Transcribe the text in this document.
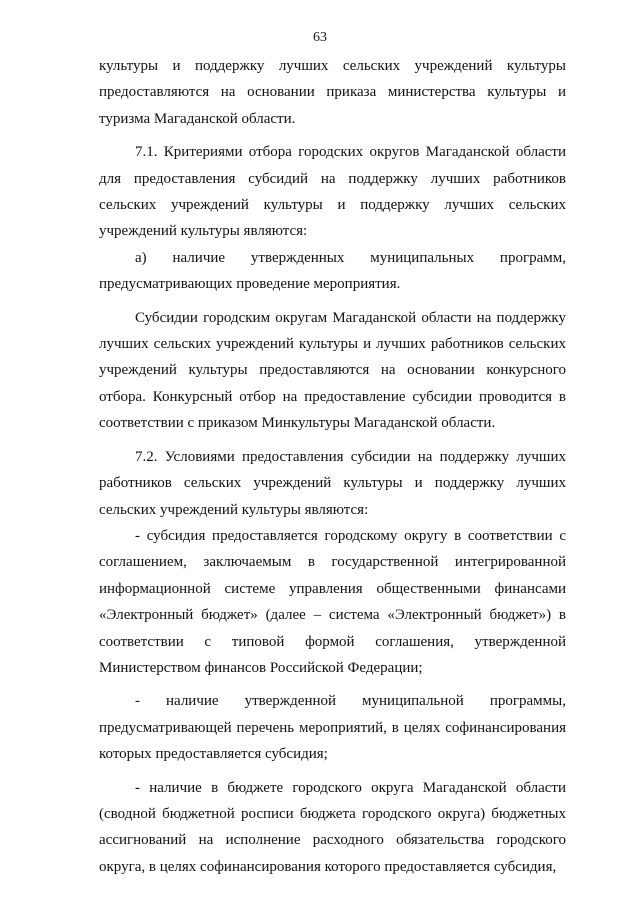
63

культуры и поддержку лучших сельских учреждений культуры предоставляются на основании приказа министерства культуры и туризма Магаданской области.

7.1. Критериями отбора городских округов Магаданской области для предоставления субсидий на поддержку лучших работников сельских учреждений культуры и поддержку лучших сельских учреждений культуры являются:

а) наличие утвержденных муниципальных программ, предусматривающих проведение мероприятия.

Субсидии городским округам Магаданской области на поддержку лучших сельских учреждений культуры и лучших работников сельских учреждений культуры предоставляются на основании конкурсного отбора. Конкурсный отбор на предоставление субсидии проводится в соответствии с приказом Минкультуры Магаданской области.

7.2. Условиями предоставления субсидии на поддержку лучших работников сельских учреждений культуры и поддержку лучших сельских учреждений культуры являются:

- субсидия предоставляется городскому округу в соответствии с соглашением, заключаемым в государственной интегрированной информационной системе управления общественными финансами «Электронный бюджет» (далее – система «Электронный бюджет») в соответствии с типовой формой соглашения, утвержденной Министерством финансов Российской Федерации;

- наличие утвержденной муниципальной программы, предусматривающей перечень мероприятий, в целях софинансирования которых предоставляется субсидия;

- наличие в бюджете городского округа Магаданской области (сводной бюджетной росписи бюджета городского округа) бюджетных ассигнований на исполнение расходного обязательства городского округа, в целях софинансирования которого предоставляется субсидия,
